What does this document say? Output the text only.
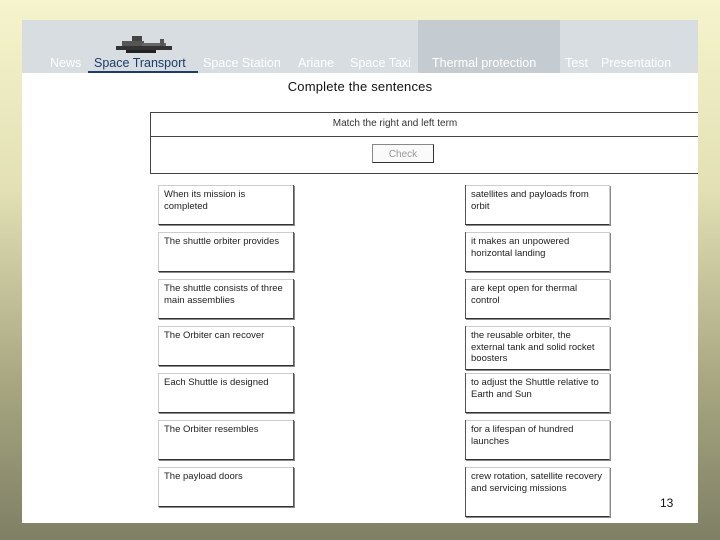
News Space Transport Space Station Ariane Space Taxi Thermal protection Test Presentation
Complete the sentences
Match the right and left term
Check
When its mission is completed
The shuttle orbiter provides
The shuttle consists of three main assemblies
The Orbiter can recover
Each Shuttle is designed
The Orbiter resembles
The payload doors
satellites and payloads from orbit
it makes an unpowered horizontal landing
are kept open for thermal control
the reusable orbiter, the external tank and solid rocket boosters
to adjust the Shuttle relative to Earth and Sun
for a lifespan of hundred launches
crew rotation, satellite recovery and servicing missions
13
